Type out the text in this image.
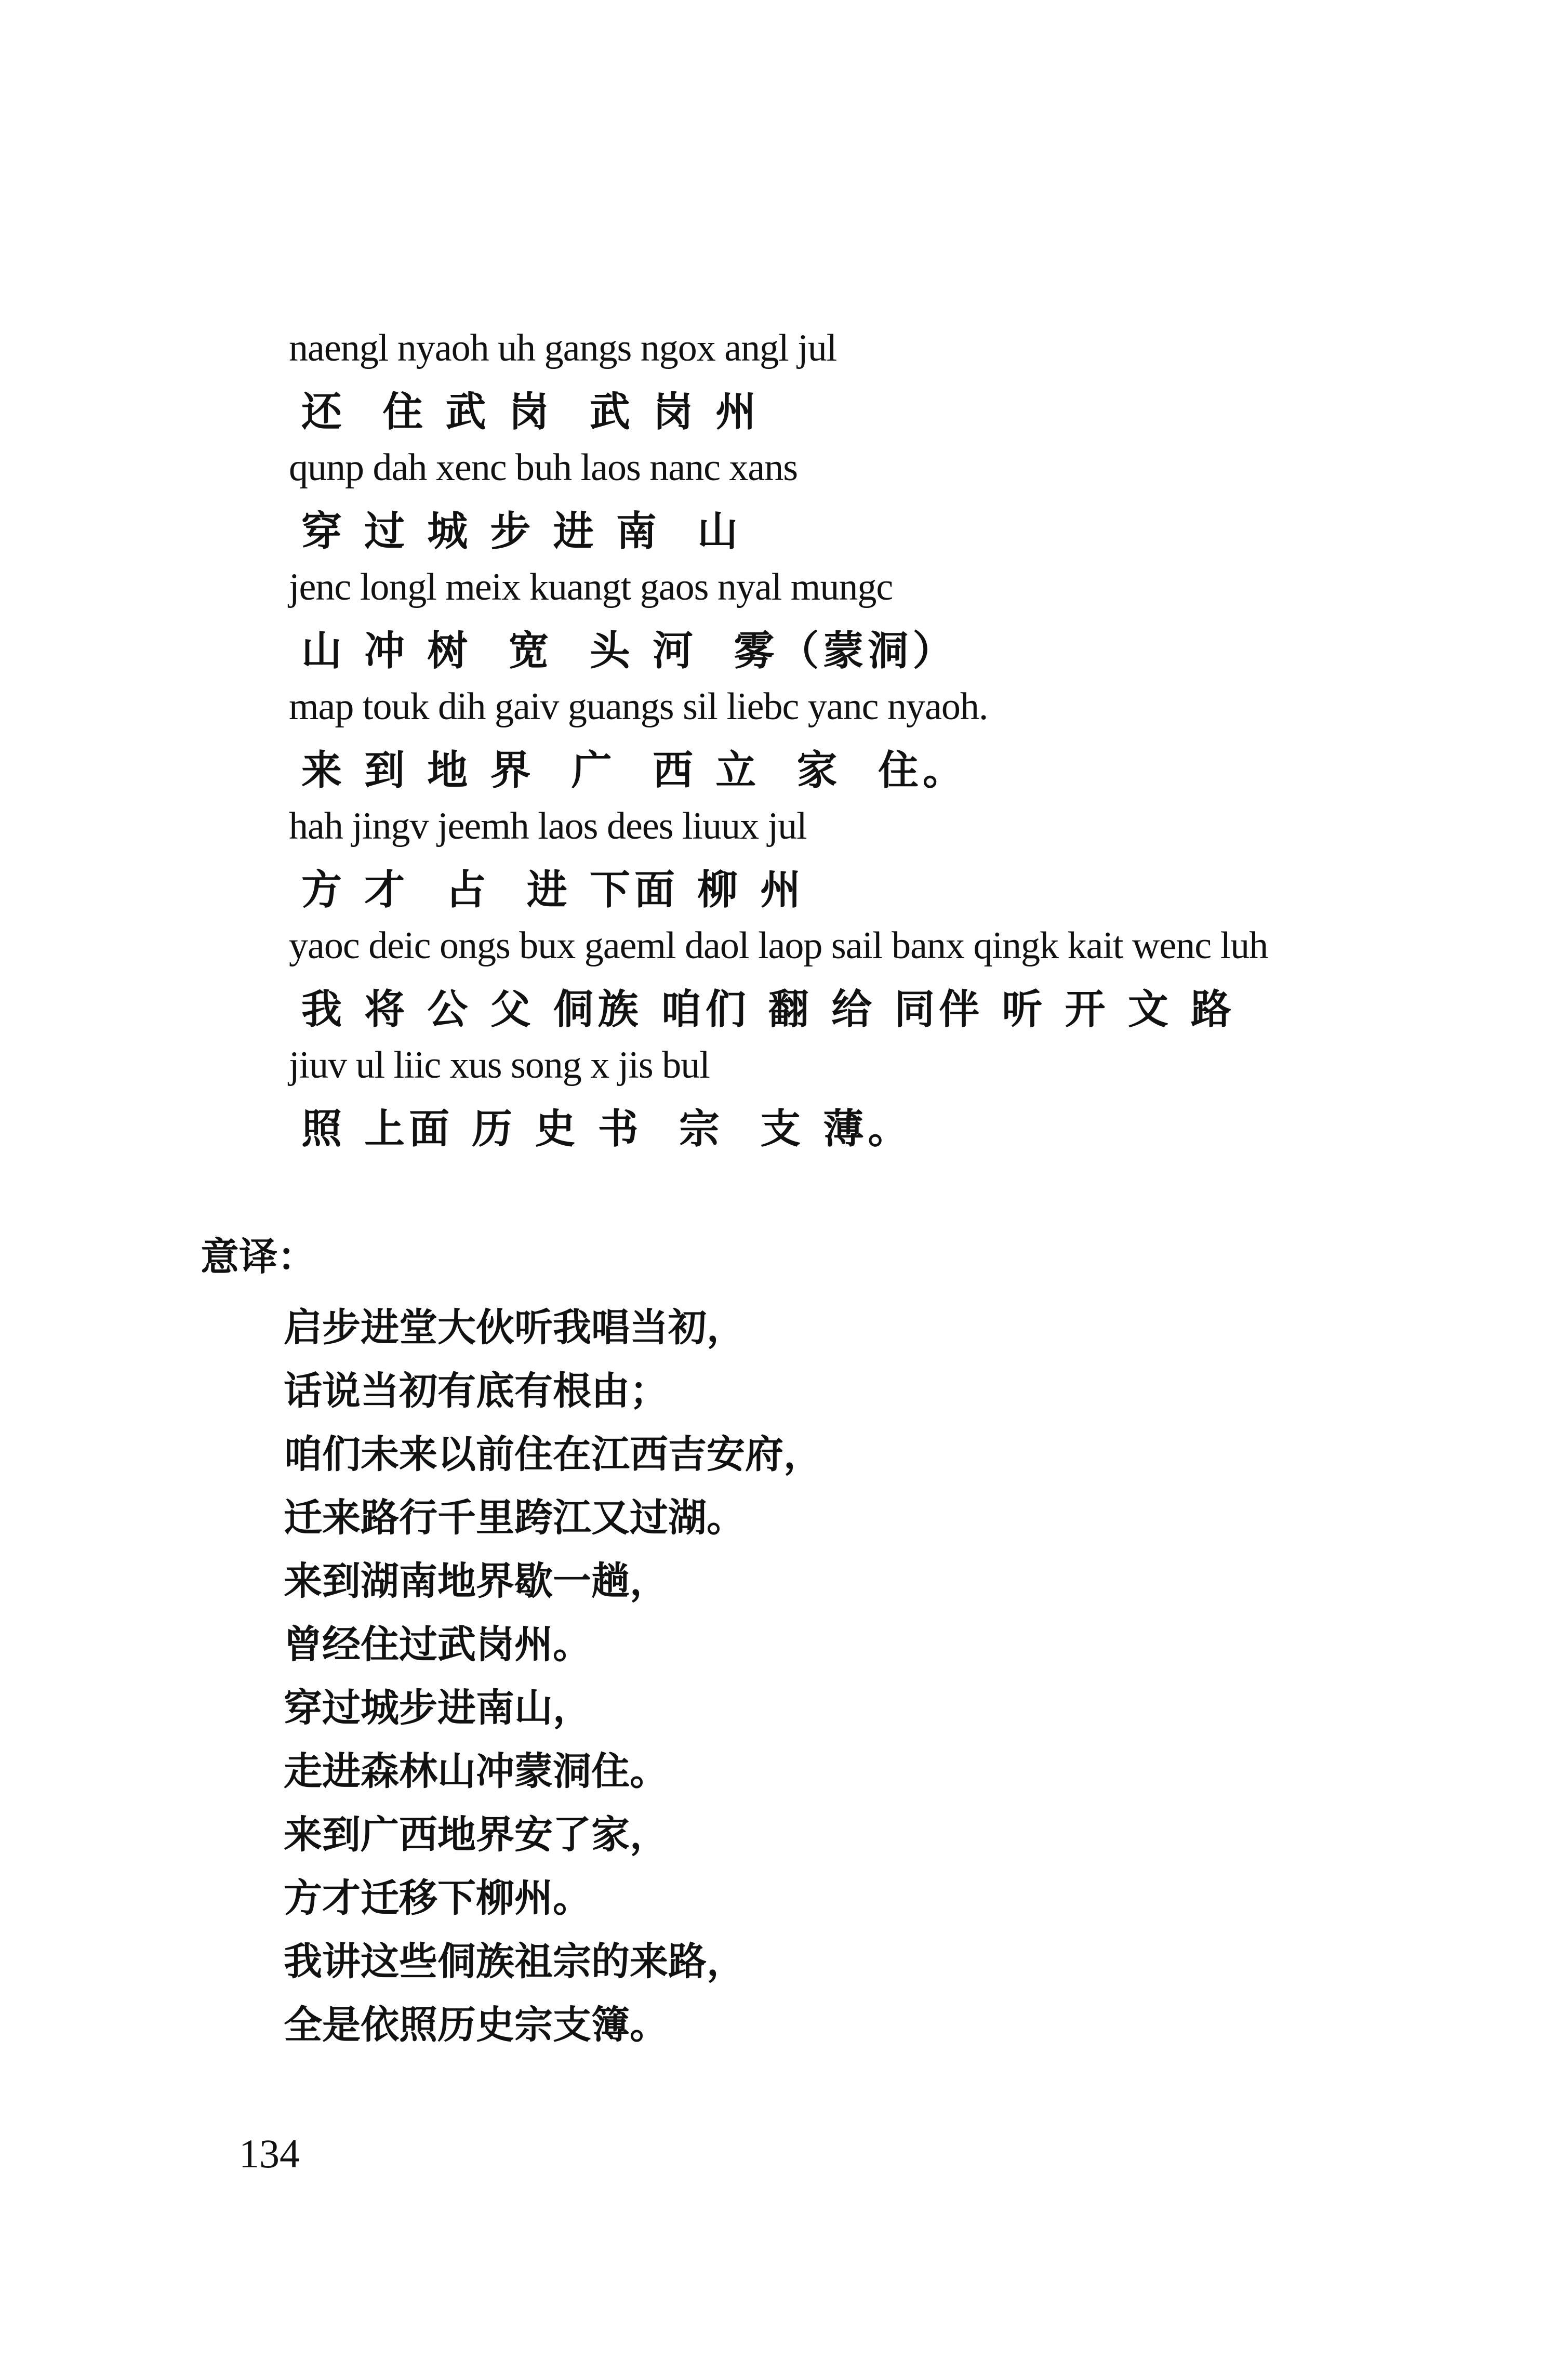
naengl nyaoh uh gangs ngox angl jul
还  住 武 岗  武 岗 州
qunp dah xenc buh laos nanc xans
穿 过 城 步 进 南  山
jenc longl meix kuangt gaos nyal mungc
山 冲 树  宽  头 河  雾（蒙洞）
map touk dih gaiv guangs sil liebc yanc nyaoh.
来 到 地 界  广  西 立  家  住。
hah jingv jeemh laos dees liuux jul
方 才  占  进 下面 柳 州
yaoc deic ongs bux gaeml daol laop sail banx qingk kait wenc luh
我 将 公 父 侗族 咱们 翻 给 同伴 听 开 文 路
jiuv ul liic xus song x jis bul
照 上面 历 史 书  宗  支 薄。
意译：
启步进堂大伙听我唱当初，
话说当初有底有根由；
咱们未来以前住在江西吉安府，
迁来路行千里跨江又过湖。
来到湖南地界歇一趟，
曾经住过武岗州。
穿过城步进南山，
走进森林山冲蒙洞住。
来到广西地界安了家，
方才迁移下柳州。
我讲这些侗族祖宗的来路，
全是依照历史宗支簿。
134
